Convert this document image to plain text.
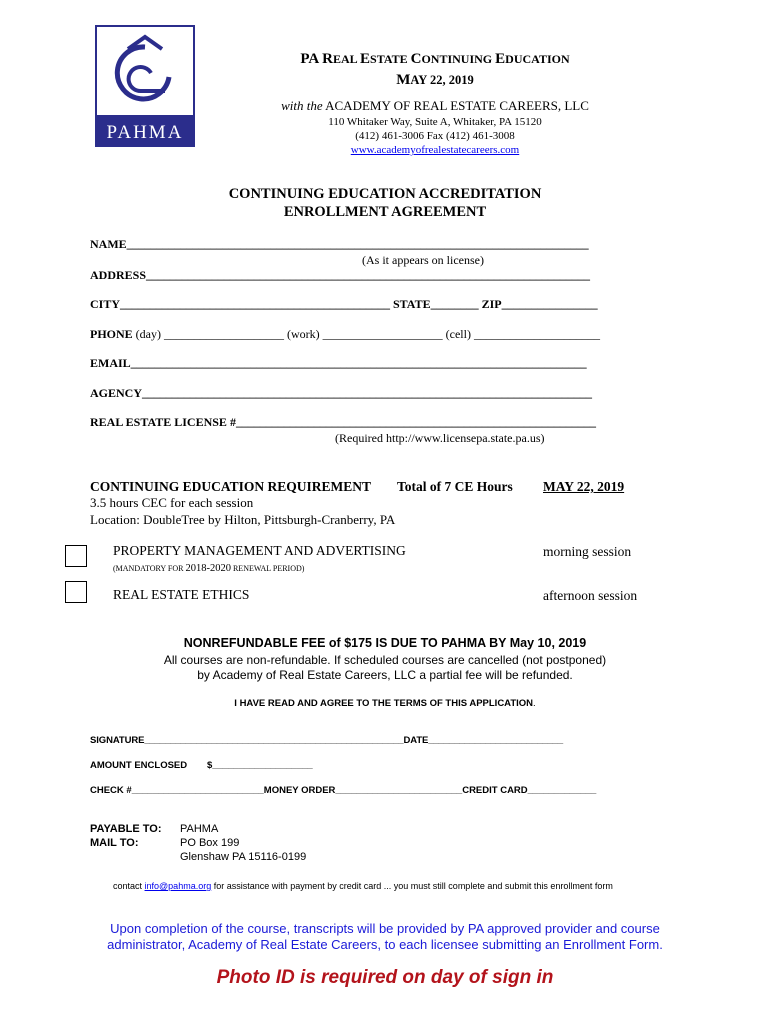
PAHMA
PA REAL ESTATE CONTINUING EDUCATION
MAY 22, 2019
with the ACADEMY OF REAL ESTATE CAREERS, LLC
110 Whitaker Way, Suite A, Whitaker, PA 15120
(412) 461-3006 Fax (412) 461-3008
www.academyofrealestatecareers.com
CONTINUING EDUCATION ACCREDITATION
ENROLLMENT AGREEMENT
NAME_____________________________________________________________________________
(As it appears on license)
ADDRESS__________________________________________________________________________
CITY_____________________________________________ STATE________ ZIP________________
PHONE (day) ____________________ (work) ____________________ (cell) _____________________
EMAIL____________________________________________________________________________
AGENCY___________________________________________________________________________
REAL ESTATE LICENSE #____________________________________________________________
(Required http://www.licensepa.state.pa.us)
CONTINUING EDUCATION REQUIREMENT Total of 7 CE Hours MAY 22, 2019
3.5 hours CEC for each session
Location: DoubleTree by Hilton, Pittsburgh-Cranberry, PA
PROPERTY MANAGEMENT AND ADVERTISING
(MANDATORY FOR 2018-2020 RENEWAL PERIOD)
morning session
REAL ESTATE ETHICS	afternoon session
NONREFUNDABLE FEE of $175 IS DUE TO PAHMA BY May 10, 2019
All courses are non-refundable. If scheduled courses are cancelled (not postponed)
by Academy of Real Estate Careers, LLC a partial fee will be refunded.
I HAVE READ AND AGREE TO THE TERMS OF THIS APPLICATION.
SIGNATURE__________________________________________________DATE__________________________
AMOUNT ENCLOSED $___________________
CHECK #_________________________MONEY ORDER________________________CREDIT CARD_____________
PAYABLE TO:
MAIL TO:
PAHMA
PO Box 199
Glenshaw PA 15116-0199
contact info@pahma.org for assistance with payment by credit card ... you must still complete and submit this enrollment form
Upon completion of the course, transcripts will be provided by PA approved provider and course
administrator, Academy of Real Estate Careers, to each licensee submitting an Enrollment Form.
Photo ID is required on day of sign in
